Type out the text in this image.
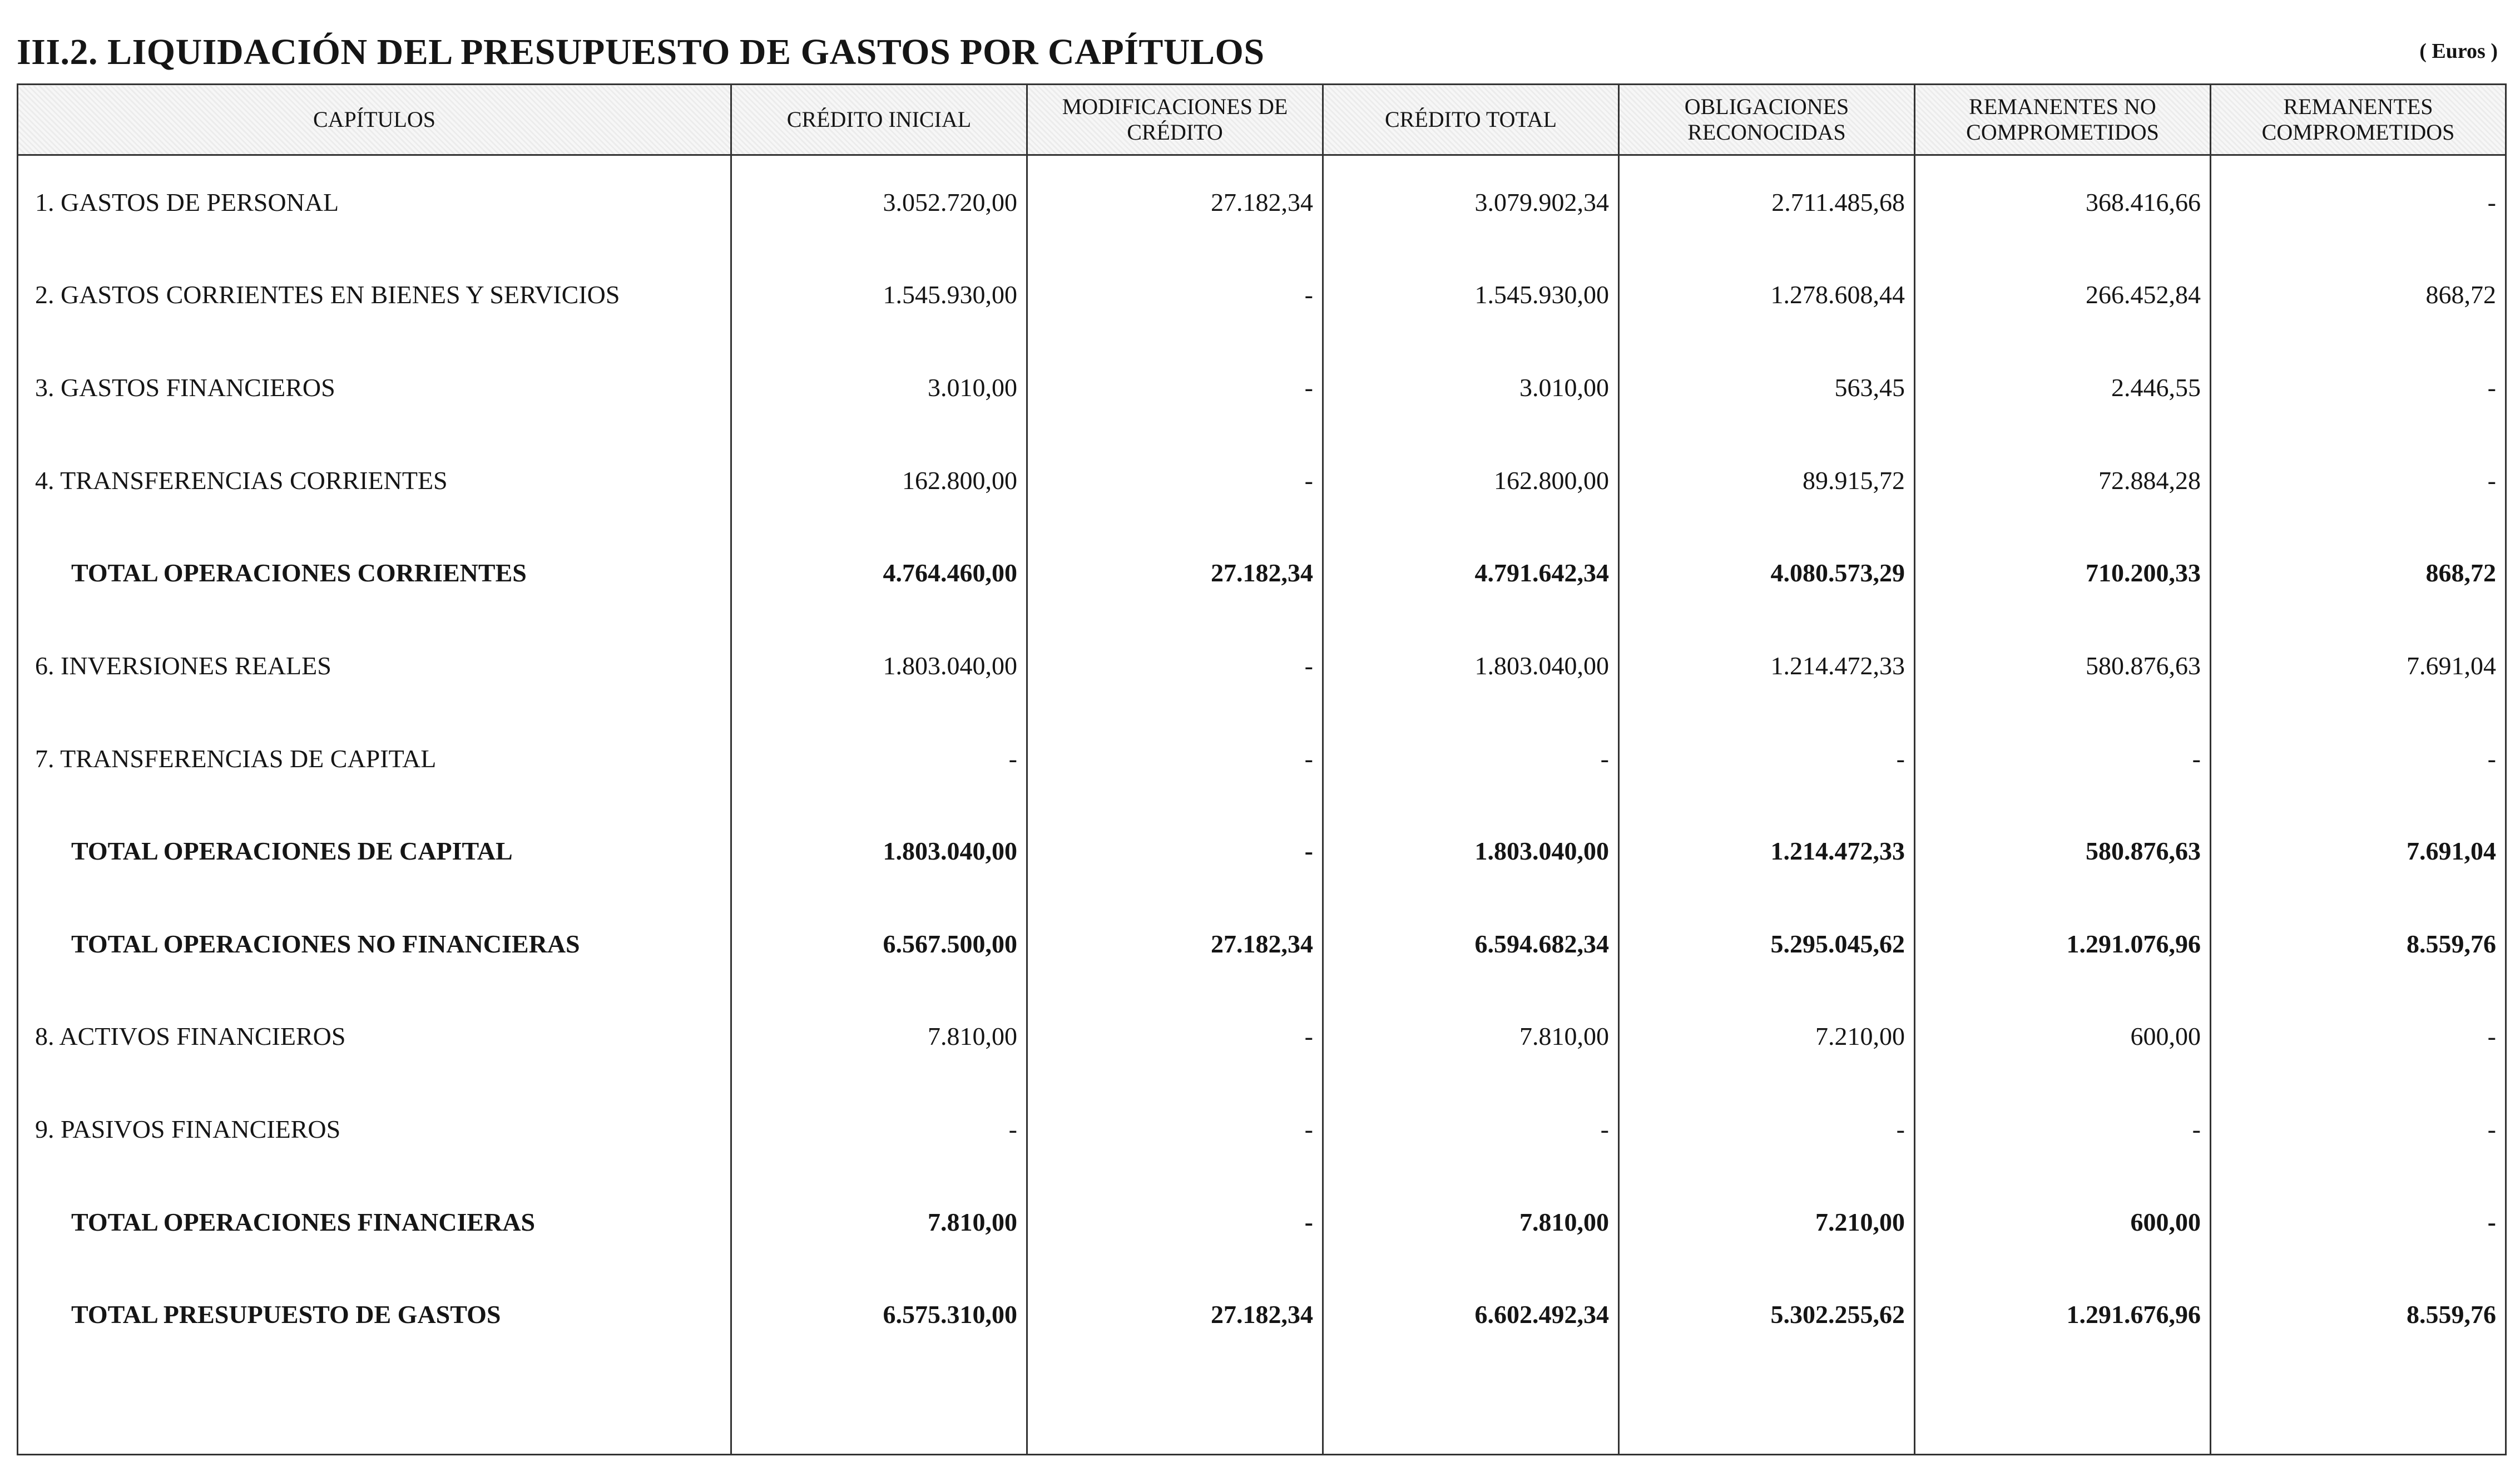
III.2. LIQUIDACIÓN DEL PRESUPUESTO DE GASTOS POR CAPÍTULOS	( Euros )
CAPÍTULOS	CRÉDITO INICIAL	MODIFICACIONES DE CRÉDITO	CRÉDITO TOTAL	OBLIGACIONES RECONOCIDAS	REMANENTES NO COMPROMETIDOS	REMANENTES COMPROMETIDOS
1. GASTOS DE PERSONAL	3.052.720,00	27.182,34	3.079.902,34	2.711.485,68	368.416,66	-
2. GASTOS CORRIENTES EN BIENES Y SERVICIOS	1.545.930,00	-	1.545.930,00	1.278.608,44	266.452,84	868,72
3. GASTOS FINANCIEROS	3.010,00	-	3.010,00	563,45	2.446,55	-
4. TRANSFERENCIAS CORRIENTES	162.800,00	-	162.800,00	89.915,72	72.884,28	-
TOTAL OPERACIONES CORRIENTES	4.764.460,00	27.182,34	4.791.642,34	4.080.573,29	710.200,33	868,72
6. INVERSIONES REALES	1.803.040,00	-	1.803.040,00	1.214.472,33	580.876,63	7.691,04
7. TRANSFERENCIAS DE CAPITAL	-	-	-	-	-	-
TOTAL OPERACIONES DE CAPITAL	1.803.040,00	-	1.803.040,00	1.214.472,33	580.876,63	7.691,04
TOTAL OPERACIONES NO FINANCIERAS	6.567.500,00	27.182,34	6.594.682,34	5.295.045,62	1.291.076,96	8.559,76
8. ACTIVOS FINANCIEROS	7.810,00	-	7.810,00	7.210,00	600,00	-
9. PASIVOS FINANCIEROS	-	-	-	-	-	-
TOTAL OPERACIONES FINANCIERAS	7.810,00	-	7.810,00	7.210,00	600,00	-
TOTAL PRESUPUESTO DE GASTOS	6.575.310,00	27.182,34	6.602.492,34	5.302.255,62	1.291.676,96	8.559,76
